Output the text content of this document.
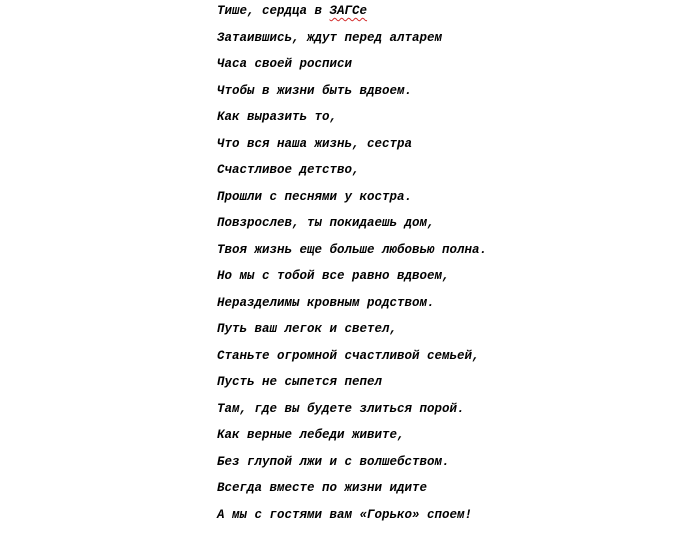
Тише, сердца в ЗАГСе
Затаившись, ждут перед алтарем
Часа своей росписи
Чтобы в жизни быть вдвоем.
Как выразить то,
Что вся наша жизнь, сестра
Счастливое детство,
Прошли с песнями у костра.
Повзрослев, ты покидаешь дом,
Твоя жизнь еще больше любовью полна.
Но мы с тобой все равно вдвоем,
Неразделимы кровным родством.
Путь ваш легок и светел,
Станьте огромной счастливой семьей,
Пусть не сыпется пепел
Там, где вы будете злиться порой.
Как верные лебеди живите,
Без глупой лжи и с волшебством.
Всегда вместе по жизни идите
А мы с гостями вам «Горько» споем!
